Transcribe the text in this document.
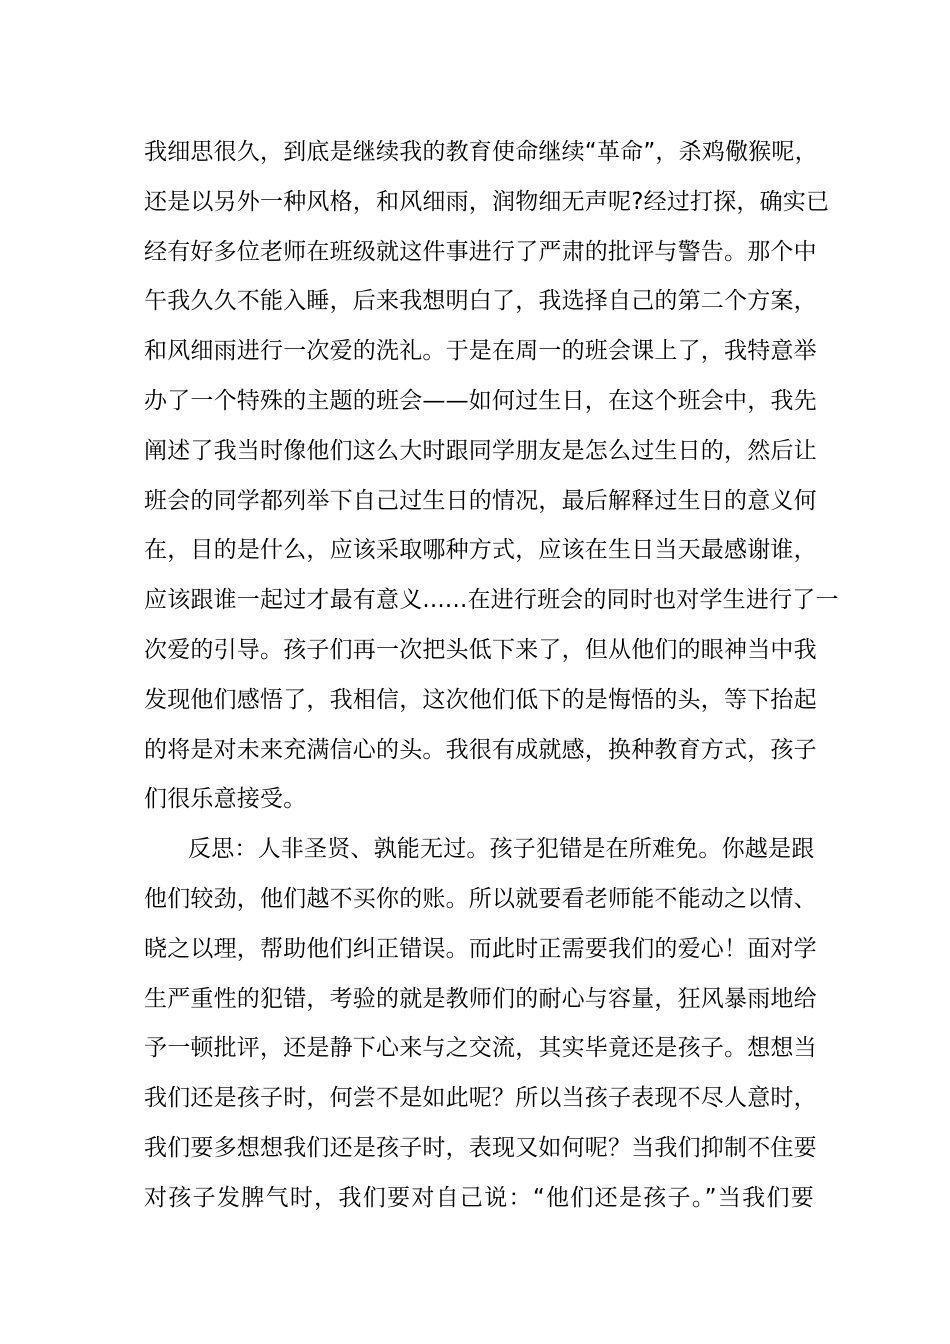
我细思很久，到底是继续我的教育使命继续“革命”，杀鸡儆猴呢，
还是以另外一种风格，和风细雨，润物细无声呢?经过打探，确实已
经有好多位老师在班级就这件事进行了严肃的批评与警告。那个中
午我久久不能入睡，后来我想明白了，我选择自己的第二个方案，
和风细雨进行一次爱的洗礼。于是在周一的班会课上了，我特意举
办了一个特殊的主题的班会——如何过生日，在这个班会中，我先
阐述了我当时像他们这么大时跟同学朋友是怎么过生日的，然后让
班会的同学都列举下自己过生日的情况，最后解释过生日的意义何
在，目的是什么，应该采取哪种方式，应该在生日当天最感谢谁，
应该跟谁一起过才最有意义......在进行班会的同时也对学生进行了一
次爱的引导。孩子们再一次把头低下来了，但从他们的眼神当中我
发现他们感悟了，我相信，这次他们低下的是悔悟的头，等下抬起
的将是对未来充满信心的头。我很有成就感，换种教育方式，孩子
们很乐意接受。
反思：人非圣贤、孰能无过。孩子犯错是在所难免。你越是跟
他们较劲，他们越不买你的账。所以就要看老师能不能动之以情、
晓之以理，帮助他们纠正错误。而此时正需要我们的爱心！面对学
生严重性的犯错，考验的就是教师们的耐心与容量，狂风暴雨地给
予一顿批评，还是静下心来与之交流，其实毕竟还是孩子。想想当
我们还是孩子时，何尝不是如此呢？所以当孩子表现不尽人意时，
我们要多想想我们还是孩子时，表现又如何呢？当我们抑制不住要
对孩子发脾气时，我们要对自己说：“他们还是孩子。”当我们要
